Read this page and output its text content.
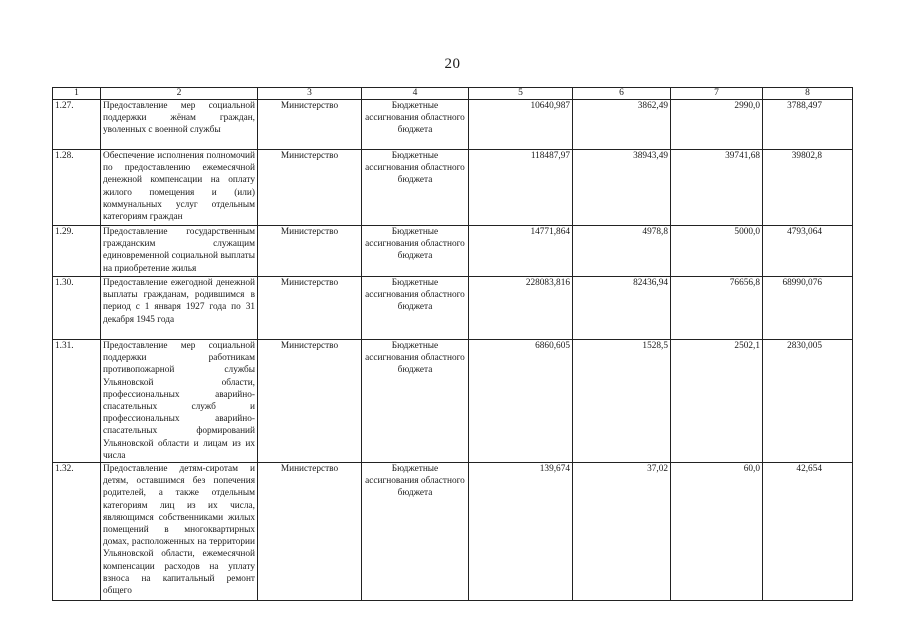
20
1	2	3	4	5	6	7	8
1.27.	Предоставление мер социальной поддержки жёнам граждан, уволенных с военной службы	Министерство	Бюджетные ассигнования областного бюджета	10640,987	3862,49	2990,0	3788,497
1.28.	Обеспечение исполнения полномочий по предоставлению ежемесячной денежной компенсации на оплату жилого помещения и (или) коммунальных услуг отдельным категориям граждан	Министерство	Бюджетные ассигнования областного бюджета	118487,97	38943,49	39741,68	39802,8
1.29.	Предоставление государственным гражданским служащим единовременной социальной выплаты на приобретение жилья	Министерство	Бюджетные ассигнования областного бюджета	14771,864	4978,8	5000,0	4793,064
1.30.	Предоставление ежегодной денежной выплаты гражданам, родившимся в период с 1 января 1927 года по 31 декабря 1945 года	Министерство	Бюджетные ассигнования областного бюджета	228083,816	82436,94	76656,8	68990,076
1.31.	Предоставление мер социальной поддержки работникам противопожарной службы Ульяновской области, профессиональных аварийно-спасательных служб и профессиональных аварийно-спасательных формирований Ульяновской области и лицам из их числа	Министерство	Бюджетные ассигнования областного бюджета	6860,605	1528,5	2502,1	2830,005
1.32.	Предоставление детям-сиротам и детям, оставшимся без попечения родителей, а также отдельным категориям лиц из их числа, являющимся собственниками жилых помещений в многоквартирных домах, расположенных на территории Ульяновской области, ежемесячной компенсации расходов на уплату взноса на капитальный ремонт общего	Министерство	Бюджетные ассигнования областного бюджета	139,674	37,02	60,0	42,654
